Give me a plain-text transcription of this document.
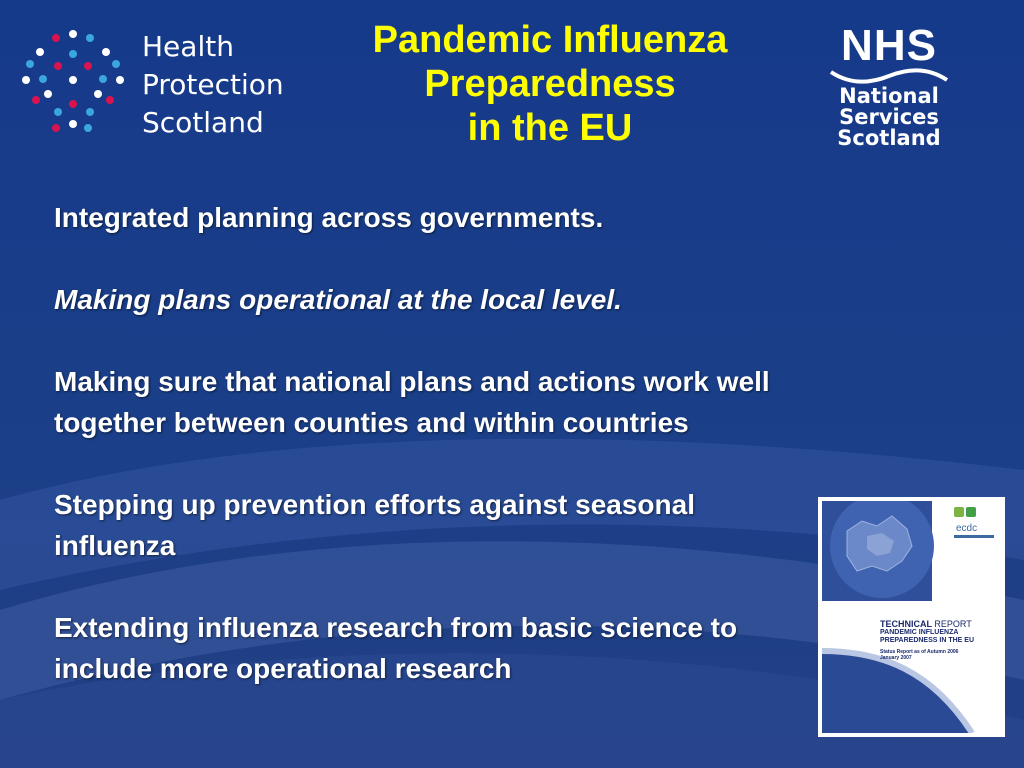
Health
Protection
Scotland
Pandemic Influenza
Preparedness
in the EU
NHS
National
Services
Scotland

Integrated planning across governments.

Making plans operational at the local level.

Making sure that national plans and actions work well together between counties and within countries

Stepping up prevention efforts against seasonal influenza

Extending influenza research from basic science to include more operational research

ecdc
TECHNICAL REPORT
PANDEMIC INFLUENZA
PREPAREDNESS IN THE EU
Status Report as of Autumn 2006
January 2007
